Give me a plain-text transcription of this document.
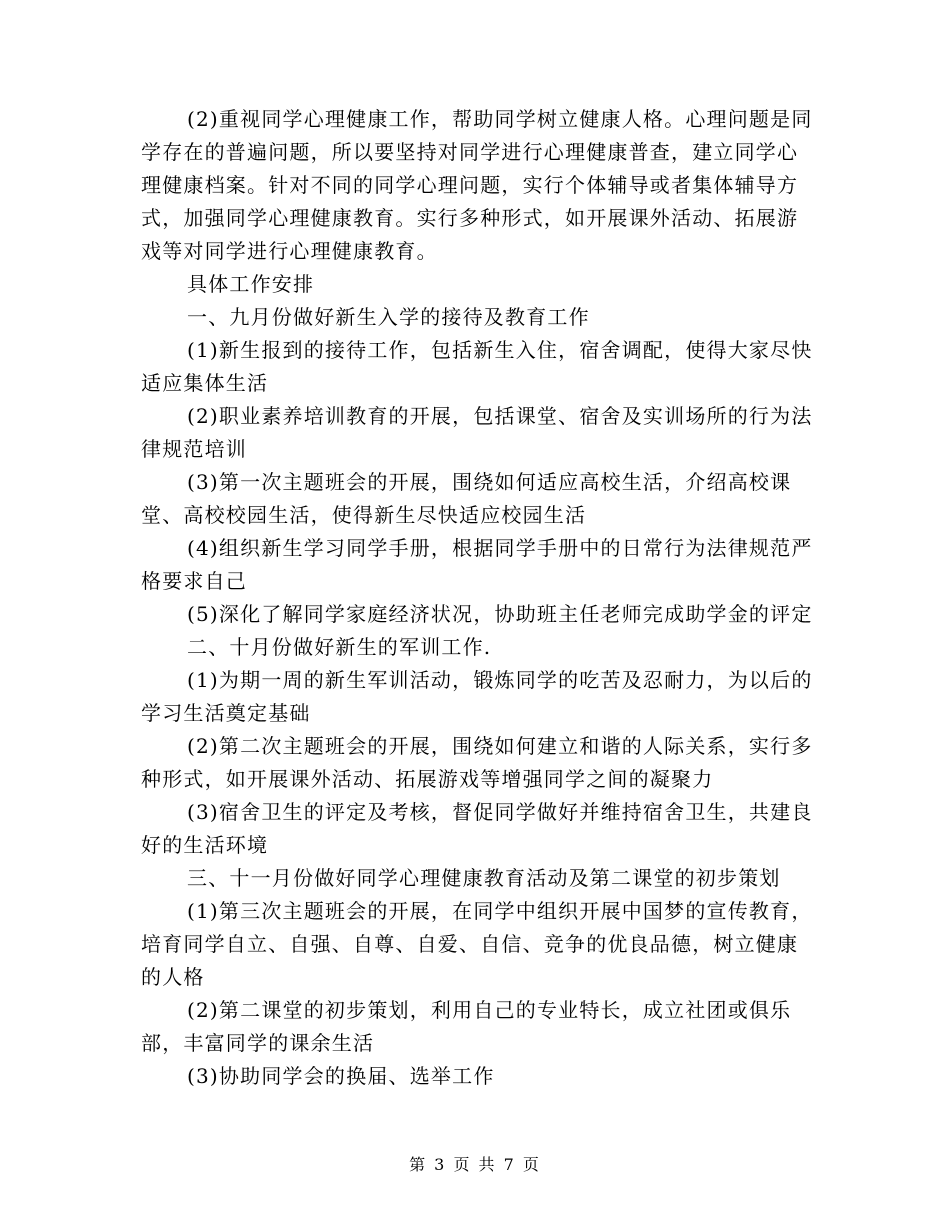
(2)重视同学心理健康工作，帮助同学树立健康人格。心理问题是同学存在的普遍问题，所以要坚持对同学进行心理健康普查，建立同学心理健康档案。针对不同的同学心理问题，实行个体辅导或者集体辅导方式，加强同学心理健康教育。实行多种形式，如开展课外活动、拓展游戏等对同学进行心理健康教育。

具体工作安排

一、九月份做好新生入学的接待及教育工作

(1)新生报到的接待工作，包括新生入住，宿舍调配，使得大家尽快适应集体生活

(2)职业素养培训教育的开展，包括课堂、宿舍及实训场所的行为法律规范培训

(3)第一次主题班会的开展，围绕如何适应高校生活，介绍高校课堂、高校校园生活，使得新生尽快适应校园生活

(4)组织新生学习同学手册，根据同学手册中的日常行为法律规范严格要求自己

(5)深化了解同学家庭经济状况，协助班主任老师完成助学金的评定

二、十月份做好新生的军训工作.

(1)为期一周的新生军训活动，锻炼同学的吃苦及忍耐力，为以后的学习生活奠定基础

(2)第二次主题班会的开展，围绕如何建立和谐的人际关系，实行多种形式，如开展课外活动、拓展游戏等增强同学之间的凝聚力

(3)宿舍卫生的评定及考核，督促同学做好并维持宿舍卫生，共建良好的生活环境

三、十一月份做好同学心理健康教育活动及第二课堂的初步策划

(1)第三次主题班会的开展，在同学中组织开展中国梦的宣传教育，培育同学自立、自强、自尊、自爱、自信、竞争的优良品德，树立健康的人格

(2)第二课堂的初步策划，利用自己的专业特长，成立社团或俱乐部，丰富同学的课余生活

(3)协助同学会的换届、选举工作

第 3 页 共 7 页
